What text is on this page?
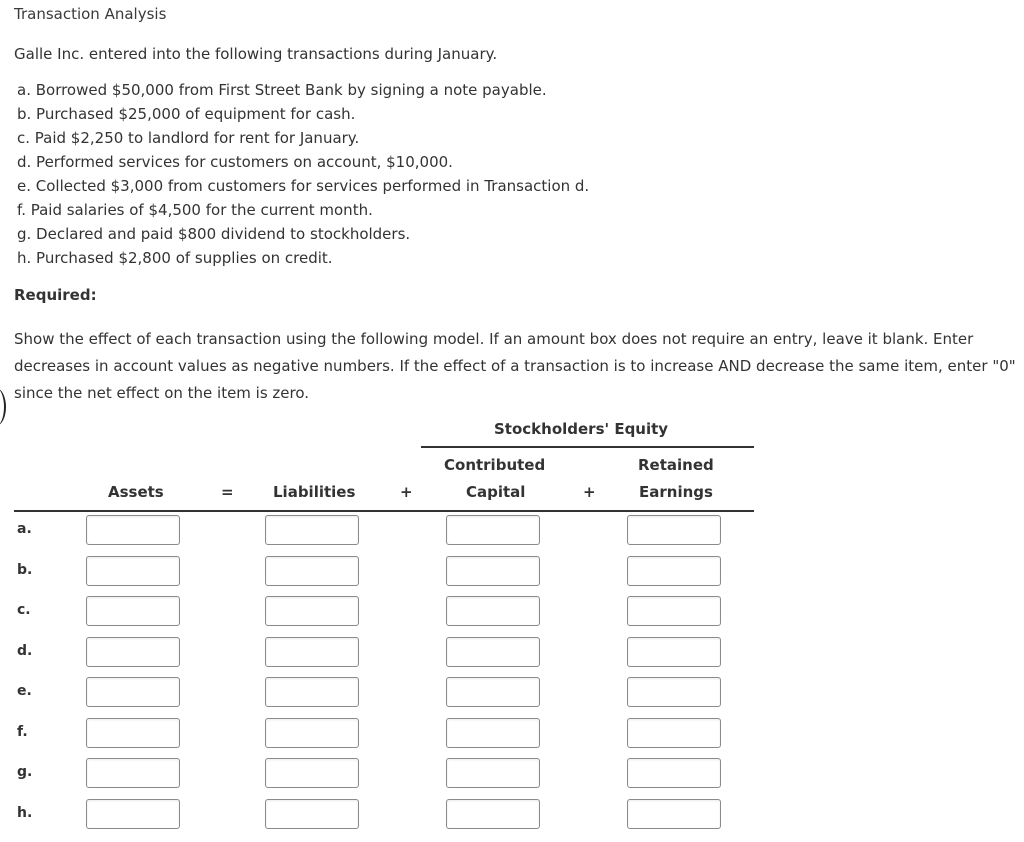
Transaction Analysis
Galle Inc. entered into the following transactions during January.
a. Borrowed $50,000 from First Street Bank by signing a note payable.
b. Purchased $25,000 of equipment for cash.
c. Paid $2,250 to landlord for rent for January.
d. Performed services for customers on account, $10,000.
e. Collected $3,000 from customers for services performed in Transaction d.
f. Paid salaries of $4,500 for the current month.
g. Declared and paid $800 dividend to stockholders.
h. Purchased $2,800 of supplies on credit.
Required:
Show the effect of each transaction using the following model. If an amount box does not require an entry, leave it blank. Enter decreases in account values as negative numbers. If the effect of a transaction is to increase AND decrease the same item, enter "0" since the net effect on the item is zero.
Stockholders' Equity
Contributed	Retained
Assets	=	Liabilities	+	Capital	+	Earnings
a.
b.
c.
d.
e.
f.
g.
h.
